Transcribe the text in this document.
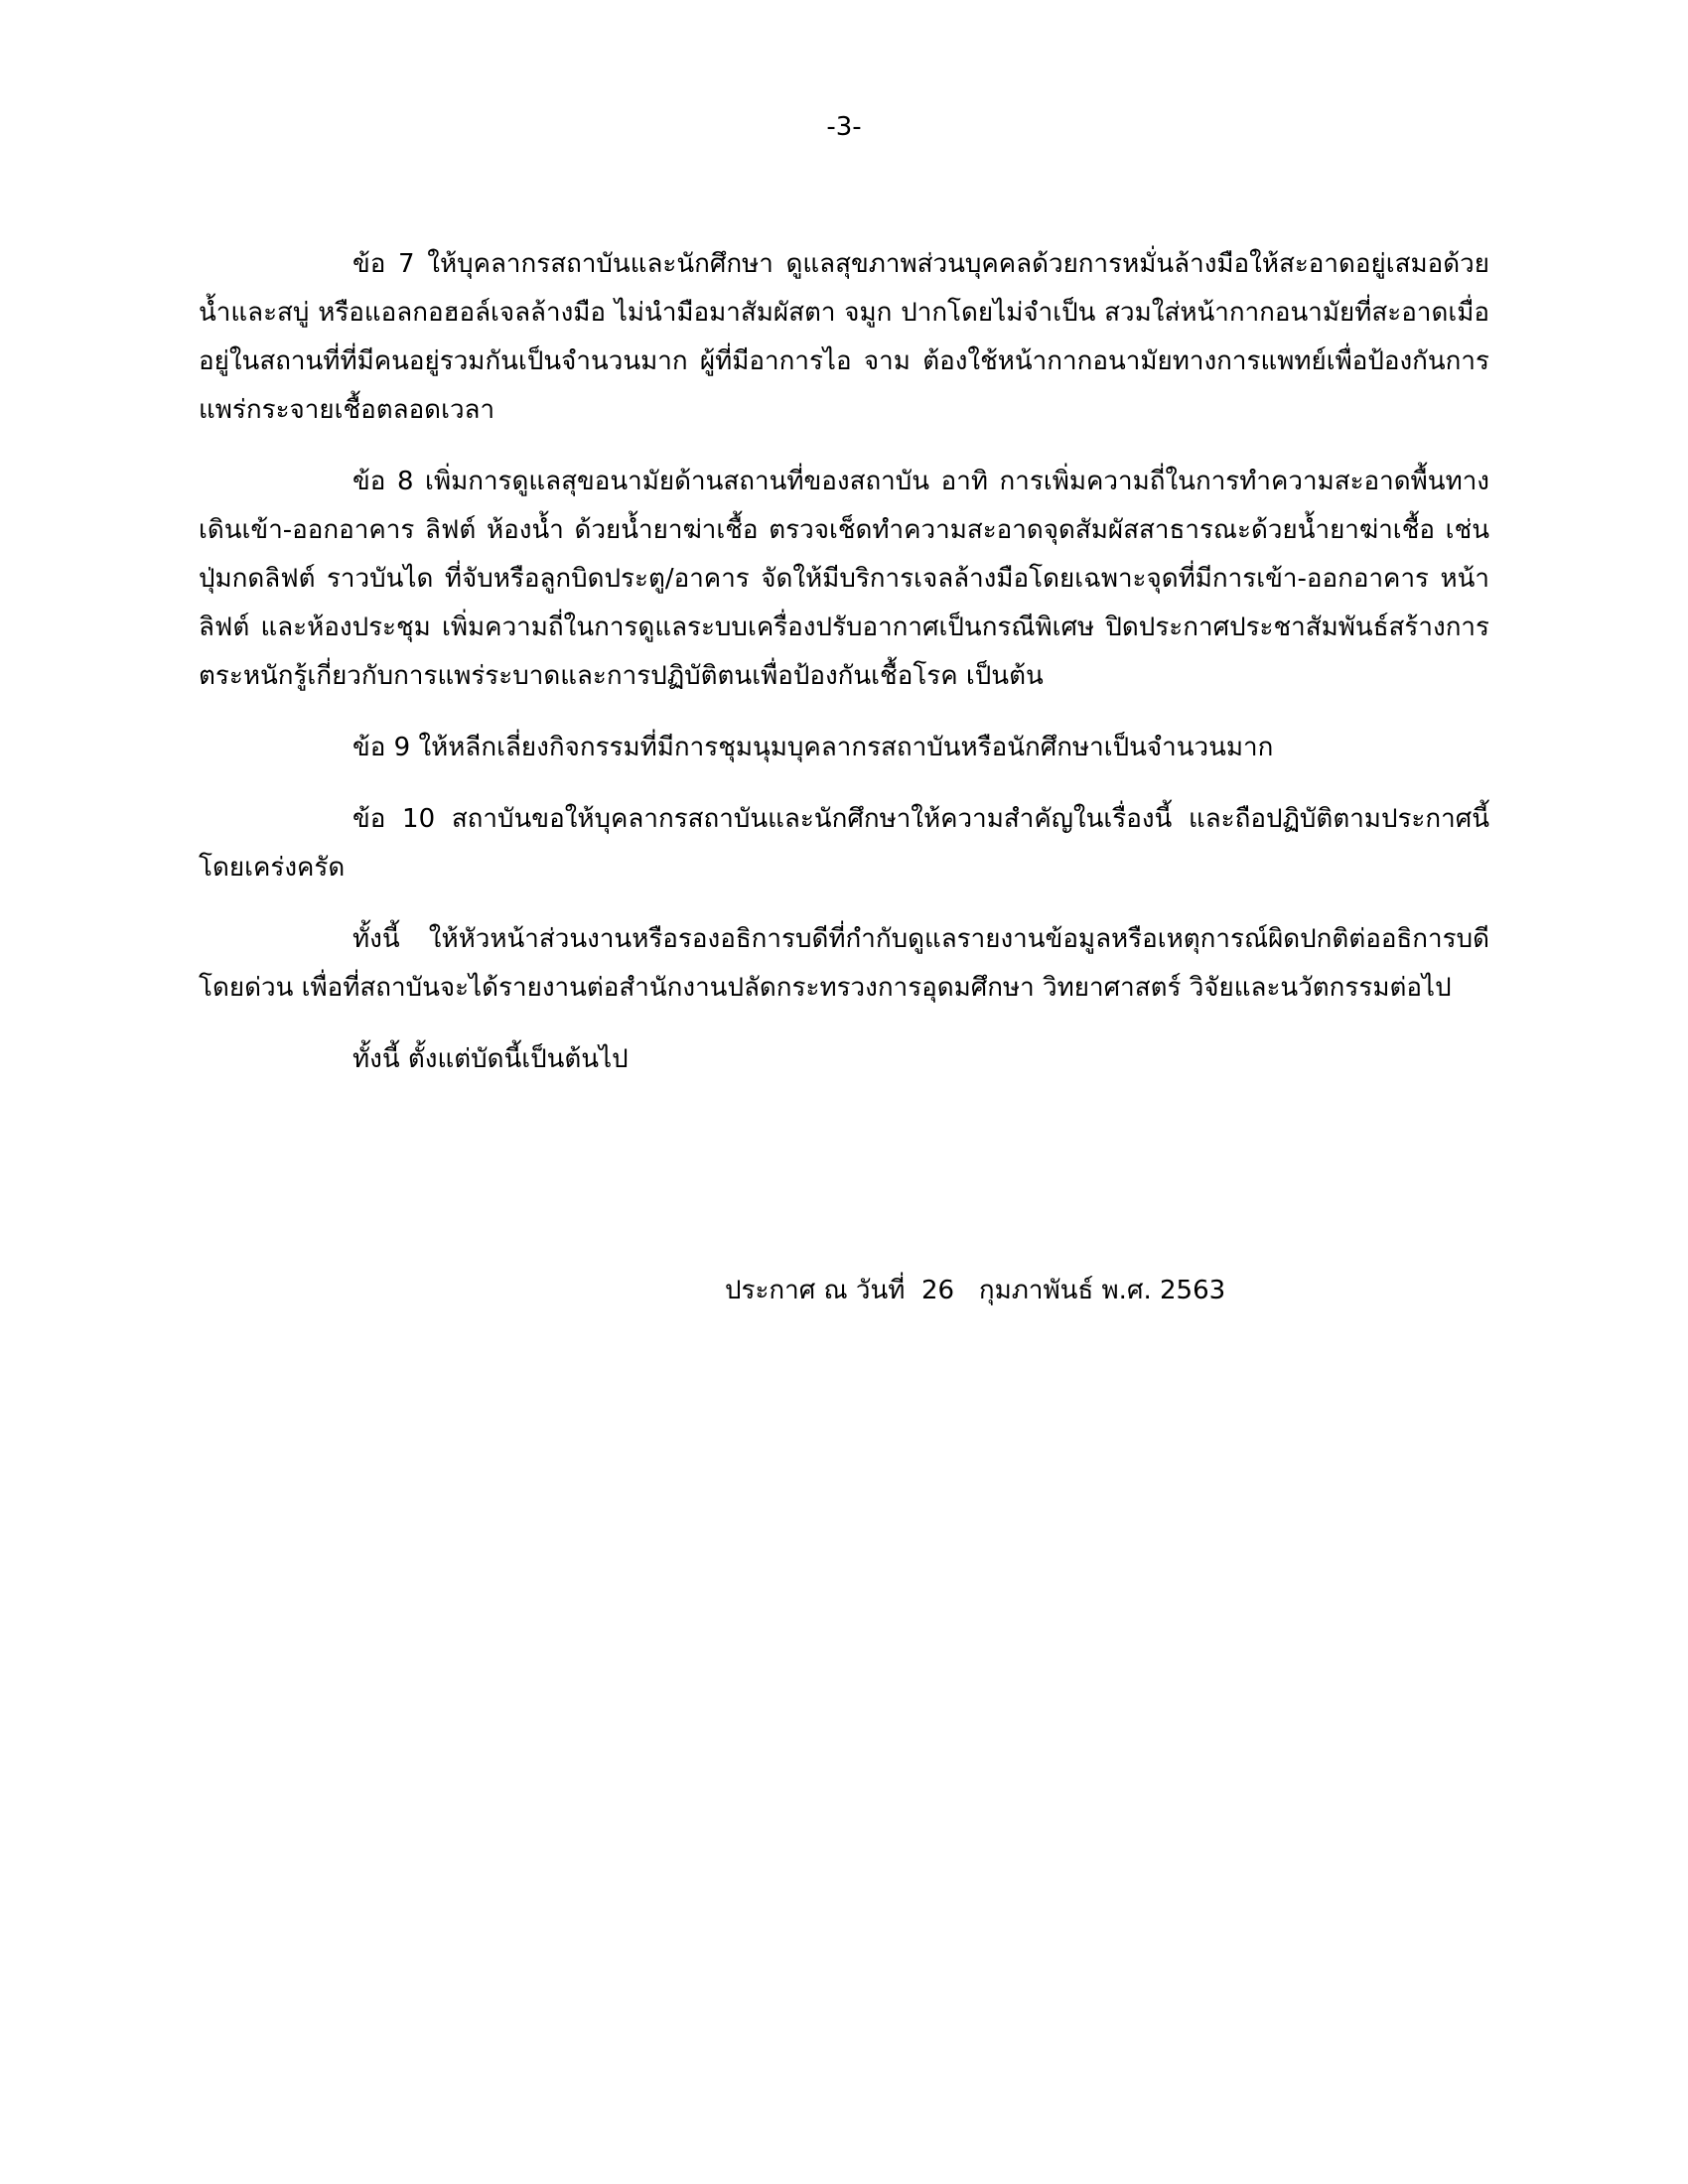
-3-

ข้อ 7 ให้บุคลากรสถาบันและนักศึกษา ดูแลสุขภาพส่วนบุคคลด้วยการหมั่นล้างมือให้สะอาดอยู่เสมอด้วยน้ำและสบู่ หรือแอลกอฮอล์เจลล้างมือ ไม่นำมือมาสัมผัสตา จมูก ปากโดยไม่จำเป็น สวมใส่หน้ากากอนามัยที่สะอาดเมื่ออยู่ในสถานที่ที่มีคนอยู่รวมกันเป็นจำนวนมาก ผู้ที่มีอาการไอ จาม ต้องใช้หน้ากากอนามัยทางการแพทย์เพื่อป้องกันการแพร่กระจายเชื้อตลอดเวลา

ข้อ 8 เพิ่มการดูแลสุขอนามัยด้านสถานที่ของสถาบัน อาทิ การเพิ่มความถี่ในการทำความสะอาดพื้นทางเดินเข้า-ออกอาคาร ลิฟต์ ห้องน้ำ ด้วยน้ำยาฆ่าเชื้อ ตรวจเช็ดทำความสะอาดจุดสัมผัสสาธารณะด้วยน้ำยาฆ่าเชื้อ เช่น ปุ่มกดลิฟต์ ราวบันได ที่จับหรือลูกบิดประตู/อาคาร จัดให้มีบริการเจลล้างมือโดยเฉพาะจุดที่มีการเข้า-ออกอาคาร หน้าลิฟต์ และห้องประชุม เพิ่มความถี่ในการดูแลระบบเครื่องปรับอากาศเป็นกรณีพิเศษ ปิดประกาศประชาสัมพันธ์สร้างการตระหนักรู้เกี่ยวกับการแพร่ระบาดและการปฏิบัติตนเพื่อป้องกันเชื้อโรค เป็นต้น

ข้อ 9 ให้หลีกเลี่ยงกิจกรรมที่มีการชุมนุมบุคลากรสถาบันหรือนักศึกษาเป็นจำนวนมาก

ข้อ 10 สถาบันขอให้บุคลากรสถาบันและนักศึกษาให้ความสำคัญในเรื่องนี้ และถือปฏิบัติตามประกาศนี้โดยเคร่งครัด

ทั้งนี้ ให้หัวหน้าส่วนงานหรือรองอธิการบดีที่กำกับดูแลรายงานข้อมูลหรือเหตุการณ์ผิดปกติต่ออธิการบดีโดยด่วน เพื่อที่สถาบันจะได้รายงานต่อสำนักงานปลัดกระทรวงการอุดมศึกษา วิทยาศาสตร์ วิจัยและนวัตกรรมต่อไป

ทั้งนี้ ตั้งแต่บัดนี้เป็นต้นไป

ประกาศ ณ วันที่ 26 กุมภาพันธ์ พ.ศ. 2563
